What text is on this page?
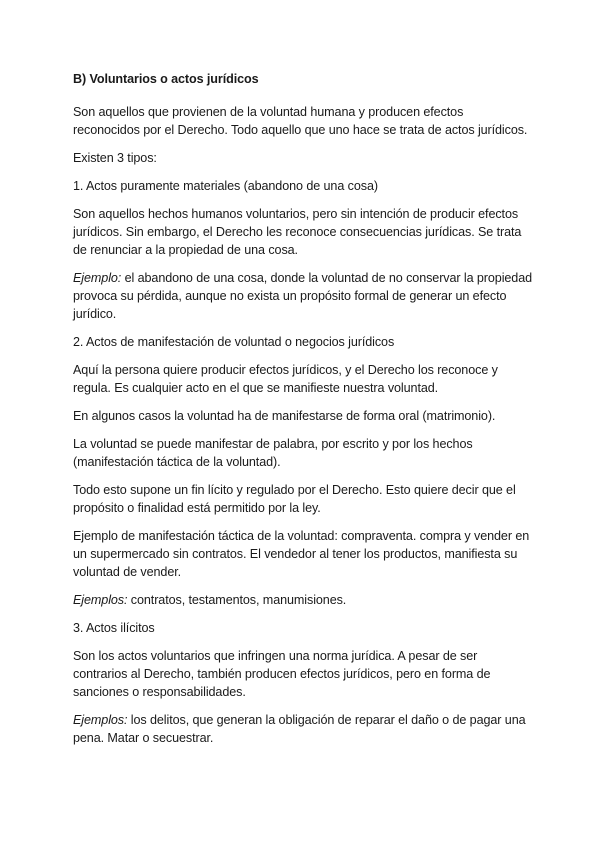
B) Voluntarios o actos jurídicos

Son aquellos que provienen de la voluntad humana y producen efectos reconocidos por el Derecho. Todo aquello que uno hace se trata de actos jurídicos.

Existen 3 tipos:

1. Actos puramente materiales (abandono de una cosa)

Son aquellos hechos humanos voluntarios, pero sin intención de producir efectos jurídicos. Sin embargo, el Derecho les reconoce consecuencias jurídicas. Se trata de renunciar a la propiedad de una cosa.

Ejemplo: el abandono de una cosa, donde la voluntad de no conservar la propiedad provoca su pérdida, aunque no exista un propósito formal de generar un efecto jurídico.

2. Actos de manifestación de voluntad o negocios jurídicos

Aquí la persona quiere producir efectos jurídicos, y el Derecho los reconoce y regula. Es cualquier acto en el que se manifieste nuestra voluntad.

En algunos casos la voluntad ha de manifestarse de forma oral (matrimonio).

La voluntad se puede manifestar de palabra, por escrito y por los hechos (manifestación táctica de la voluntad).

Todo esto supone un fin lícito y regulado por el Derecho. Esto quiere decir que el propósito o finalidad está permitido por la ley.

Ejemplo de manifestación táctica de la voluntad: compraventa. compra y vender en un supermercado sin contratos. El vendedor al tener los productos, manifiesta su voluntad de vender.

Ejemplos: contratos, testamentos, manumisiones.

3. Actos ilícitos

Son los actos voluntarios que infringen una norma jurídica. A pesar de ser contrarios al Derecho, también producen efectos jurídicos, pero en forma de sanciones o responsabilidades.

Ejemplos: los delitos, que generan la obligación de reparar el daño o de pagar una pena. Matar o secuestrar.
